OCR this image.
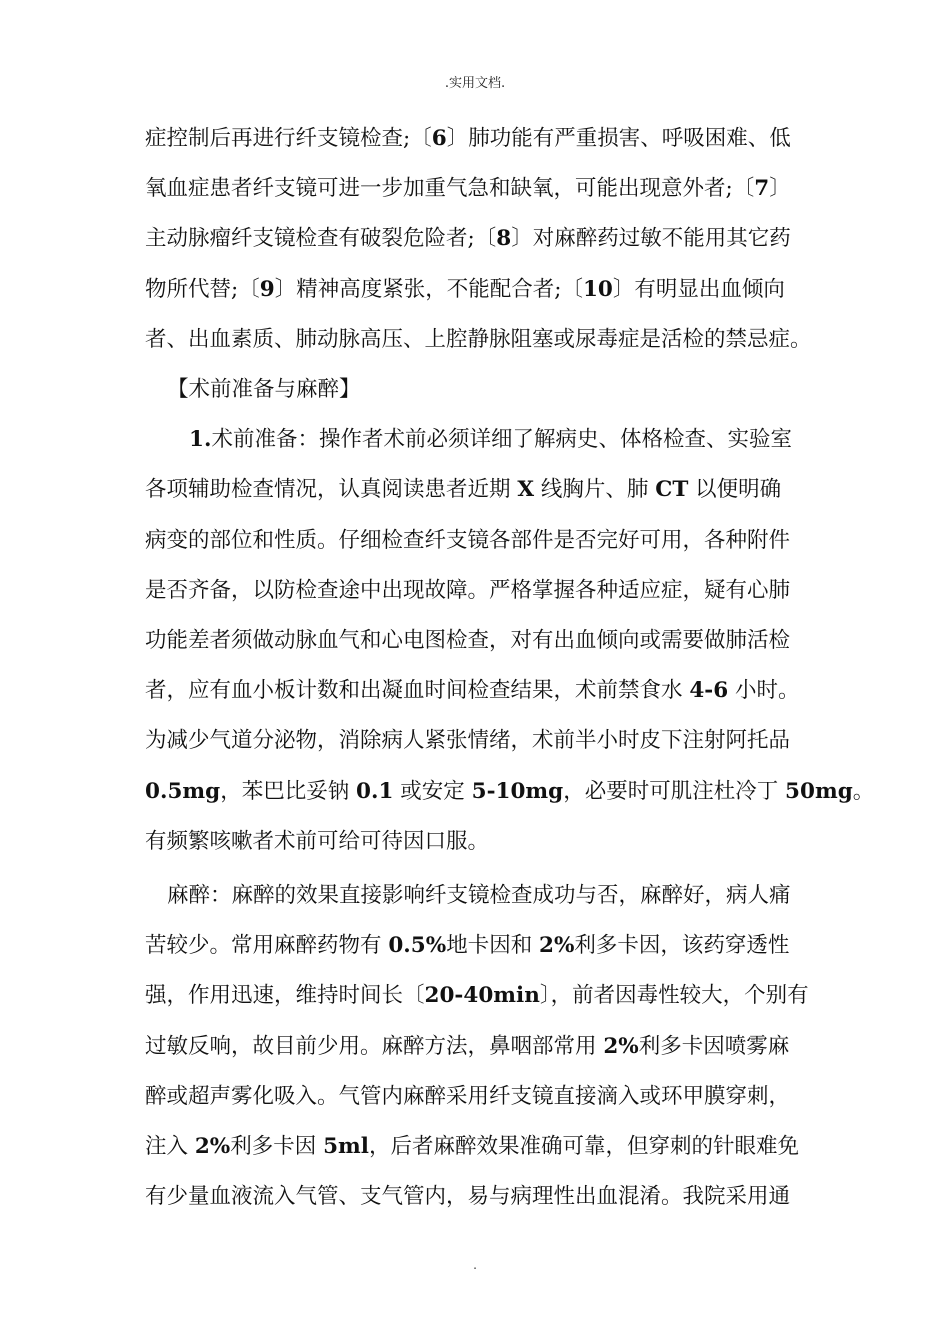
.实用文档.

症控制后再进行纤支镜检查;〔6〕肺功能有严重损害、呼吸困难、低
氧血症患者纤支镜可进一步加重气急和缺氧，可能出现意外者;〔7〕
主动脉瘤纤支镜检查有破裂危险者;〔8〕对麻醉药过敏不能用其它药
物所代替;〔9〕精神高度紧张，不能配合者;〔10〕有明显出血倾向
者、出血素质、肺动脉高压、上腔静脉阻塞或尿毒症是活检的禁忌症。

【术前准备与麻醉】

1.术前准备：操作者术前必须详细了解病史、体格检查、实验室
各项辅助检查情况，认真阅读患者近期 X 线胸片、肺 CT 以便明确
病变的部位和性质。仔细检查纤支镜各部件是否完好可用，各种附件
是否齐备，以防检查途中出现故障。严格掌握各种适应症，疑有心肺
功能差者须做动脉血气和心电图检查，对有出血倾向或需要做肺活检
者，应有血小板计数和出凝血时间检查结果，术前禁食水 4-6 小时。
为减少气道分泌物，消除病人紧张情绪，术前半小时皮下注射阿托品
0.5mg，苯巴比妥钠 0.1 或安定 5-10mg，必要时可肌注杜冷丁 50mg。
有频繁咳嗽者术前可给可待因口服。

麻醉：麻醉的效果直接影响纤支镜检查成功与否，麻醉好，病人痛
苦较少。常用麻醉药物有 0.5%地卡因和 2%利多卡因，该药穿透性
强，作用迅速，维持时间长〔20-40min〕，前者因毒性较大，个别有
过敏反响，故目前少用。麻醉方法，鼻咽部常用 2%利多卡因喷雾麻
醉或超声雾化吸入。气管内麻醉采用纤支镜直接滴入或环甲膜穿刺，
注入 2%利多卡因 5ml，后者麻醉效果准确可靠，但穿刺的针眼难免
有少量血液流入气管、支气管内，易与病理性出血混淆。我院采用通

.
